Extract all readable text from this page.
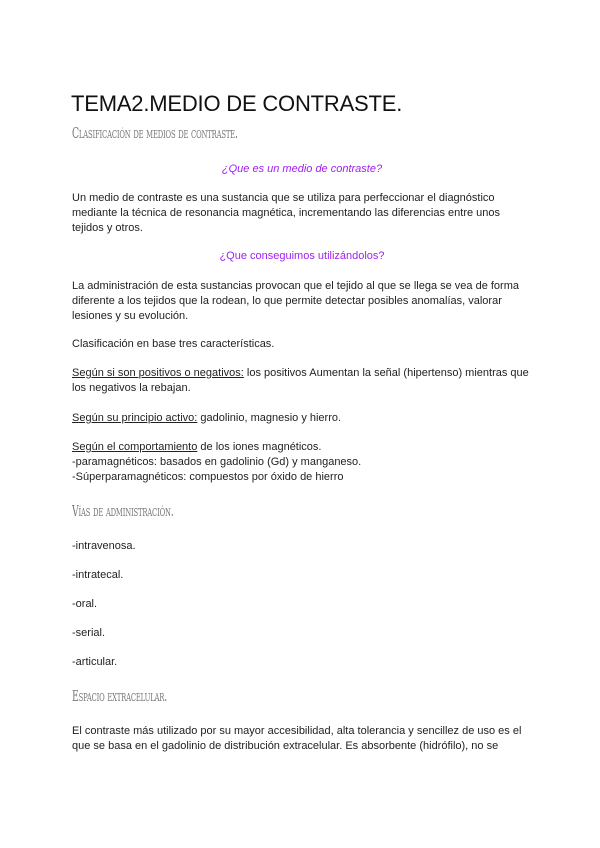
TEMA2.MEDIO DE CONTRASTE.
Clasificación de medios de contraste.
¿Que es un medio de contraste?
Un medio de contraste es una sustancia que se utiliza para perfeccionar el diagnóstico mediante la técnica de resonancia magnética, incrementando las diferencias entre unos tejidos y otros.
¿Que conseguimos utilizándolos?
La administración de esta sustancias provocan que el tejido al que se llega se vea de forma diferente a los tejidos que la rodean, lo que permite detectar posibles anomalías, valorar lesiones y su evolución.
Clasificación en base tres características.
Según si son positivos o negativos: los positivos Aumentan la señal (hipertenso) mientras que los negativos la rebajan.
Según su principio activo: gadolinio, magnesio y hierro.
Según el comportamiento de los iones magnéticos.
-paramagnéticos: basados en gadolinio (Gd) y manganeso.
-Súperparamagnéticos: compuestos por óxido de hierro
Vías de administración.
-intravenosa.
-intratecal.
-oral.
-serial.
-articular.
Espacio extracelular.
El contraste más utilizado por su mayor accesibilidad, alta tolerancia y sencillez de uso es el que se basa en el gadolinio de distribución extracelular. Es absorbente (hidrófilo), no se
